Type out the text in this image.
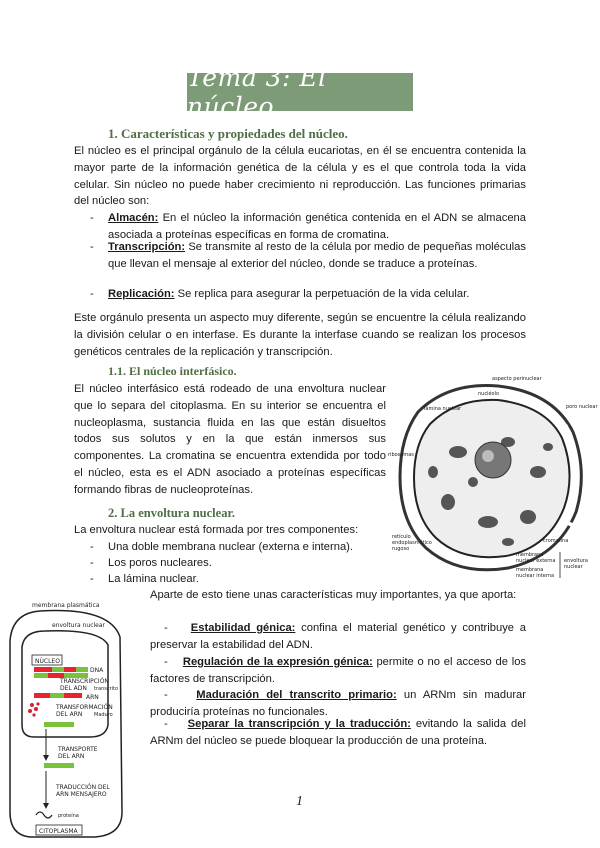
Tema 3: El núcleo
1. Características y propiedades del núcleo.

El núcleo es el principal orgánulo de la célula eucariotas, en él se encuentra contenida la mayor parte de la información genética de la célula y es el que controla toda la vida celular. Sin núcleo no puede haber crecimiento ni reproducción. Las funciones primarias del núcleo son:

- Almacén: En el núcleo la información genética contenida en el ADN se almacena asociada a proteínas específicas en forma de cromatina.
- Transcripción: Se transmite al resto de la célula por medio de pequeñas moléculas que llevan el mensaje al exterior del núcleo, donde se traduce a proteínas.
- Replicación: Se replica para asegurar la perpetuación de la vida celular.

Este orgánulo presenta un aspecto muy diferente, según se encuentre la célula realizando la división celular o en interfase. Es durante la interfase cuando se realizan los procesos genéticos centrales de la replicación y transcripción.

1.1. El núcleo interfásico.

El núcleo interfásico está rodeado de una envoltura nuclear que lo separa del citoplasma. En su interior se encuentra el nucleoplasma, sustancia fluida en las que están disueltos todos sus solutos y en la que están inmersos sus componentes. La cromatina se encuentra extendida por todo el núcleo, esta es el ADN asociado a proteínas específicas formando fibras de nucleoproteínas.

aspecto perinuclear
nucléolo
lámina nuclear	poro nuclear
ribosomas
retículo
endoplasmático
rugoso
cromatina
membrana
nuclear externa
membrana
nuclear interna
envoltura
nuclear
2. La envoltura nuclear.
La envoltura nuclear está formada por tres componentes:
- Una doble membrana nuclear (externa e interna).
- Los poros nucleares.
- La lámina nuclear.

Aparte de esto tiene unas características muy importantes, ya que aporta:

- Estabilidad génica: confina el material genético y contribuye a preservar la estabilidad del ADN.

- Regulación de la expresión génica: permite o no el acceso de los factores de transcripción.

-	Maduración del transcrito primario: un ARNm sin madurar produciría proteínas no funcionales.

- Separar la transcripción y la traducción: evitando la salida del ARNm del núcleo se puede bloquear la producción de una proteína.

membrana plasmática
envoltura nuclear
NÚCLEO
DNA
TRANSCRIPCIÓN
DEL ADN transcrito
ARN
TRANSFORMACIÓN
DEL ARN Maduro
TRANSPORTE
DEL ARN
TRADUCCIÓN DEL
ARN MENSAJERO
proteína
CITOPLASMA
1
